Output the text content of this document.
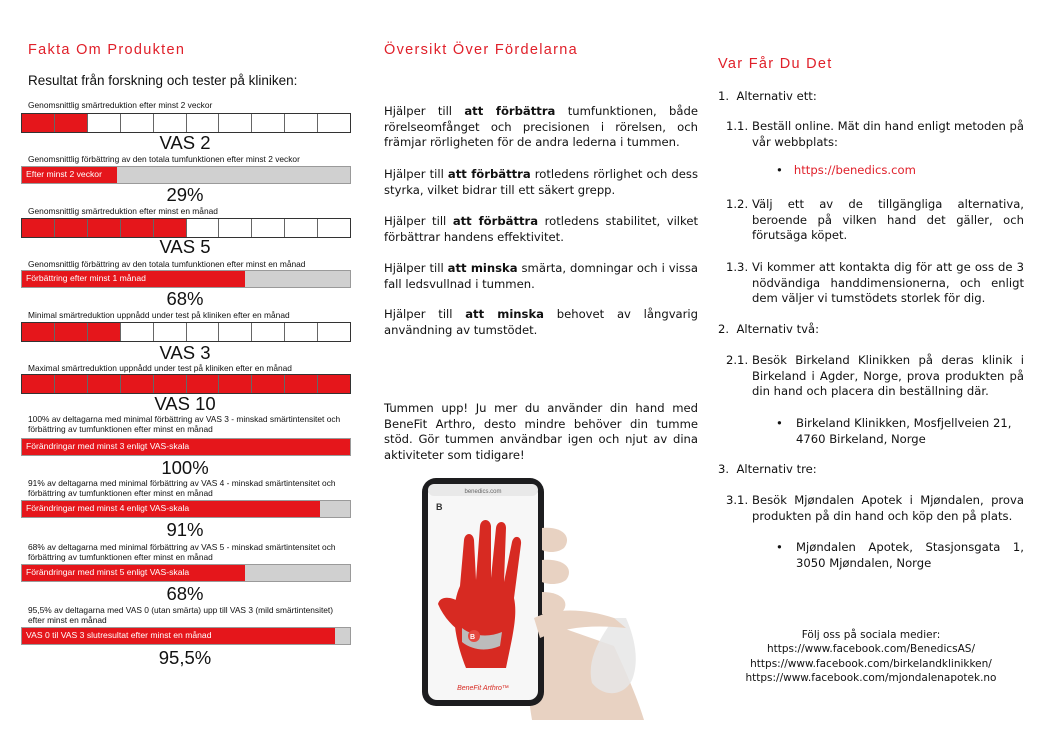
Fakta Om Produkten
Resultat från forskning och tester på kliniken:
Genomsnittlig smärtreduktion efter minst 2 veckor
VAS 2
Genomsnittlig förbättring av den totala tumfunktionen efter minst 2 veckor
Efter minst 2 veckor
29%
Genomsnittlig smärtreduktion efter minst en månad
VAS 5
Genomsnittlig förbättring av den totala tumfunktionen efter minst en månad
Förbättring efter minst 1 månad
68%
Minimal smärtreduktion uppnådd under test på kliniken efter en månad
VAS 3
Maximal smärtreduktion uppnådd under test på kliniken efter en månad
VAS 10
100% av deltagarna med minimal förbättring av VAS 3 - minskad smärtintensitet och förbättring av tumfunktionen efter minst en månad
Förändringar med minst 3 enligt VAS-skala
100%
91% av deltagarna med minimal förbättring av VAS 4 - minskad smärtintensitet och förbättring av tumfunktionen efter minst en månad
Förändringar med minst 4 enligt VAS-skala
91%
68% av deltagarna med minimal förbättring av VAS 5 - minskad smärtintensitet och förbättring av tumfunktionen efter minst en månad
Förändringar med minst 5 enligt VAS-skala
68%
95,5% av deltagarna med VAS 0 (utan smärta) upp till VAS 3 (mild smärtintensitet) efter minst en månad
VAS 0 til VAS 3 slutresultat efter minst en månad
95,5%
Översikt Över Fördelarna

Hjälper till att förbättra tumfunktionen, både rörelseomfånget och precisionen i rörelsen, och främjar rörligheten för de andra lederna i tummen.

Hjälper till att förbättra rotledens rörlighet och dess styrka, vilket bidrar till ett säkert grepp.

Hjälper till att förbättra rotledens stabilitet, vilket förbättrar handens effektivitet.

Hjälper till att minska smärta, domningar och i vissa fall ledsvullnad i tummen.

Hjälper till att minska behovet av långvarig användning av tumstödet.

Tummen upp! Ju mer du använder din hand med BeneFit Arthro, desto mindre behöver din tumme stöd. Gör tummen användbar igen och njut av dina aktiviteter som tidigare!

benedics.com
B
B
BeneFit Arthro™
Var Får Du Det
1. Alternativ ett:
1.1. Beställ online. Mät din hand enligt metoden på vår webbplats:
• https://benedics.com
1.2. Välj ett av de tillgängliga alternativa, beroende på vilken hand det gäller, och förutsäga köpet.
1.3. Vi kommer att kontakta dig för att ge oss de 3 nödvändiga handdimensionerna, och enligt dem väljer vi tumstödets storlek för dig.
2. Alternativ två:
2.1. Besök Birkeland Klinikken på deras klinik i Birkeland i Agder, Norge, prova produkten på din hand och placera din beställning där.
• Birkeland Klinikken, Mosfjellveien 21, 4760 Birkeland, Norge
3. Alternativ tre:
3.1. Besök Mjøndalen Apotek i Mjøndalen, prova produkten på din hand och köp den på plats.
• Mjøndalen Apotek, Stasjonsgata 1, 3050 Mjøndalen, Norge
Följ oss på sociala medier:
https://www.facebook.com/BenedicsAS/
https://www.facebook.com/birkelandklinikken/
https://www.facebook.com/mjondalenapotek.no
